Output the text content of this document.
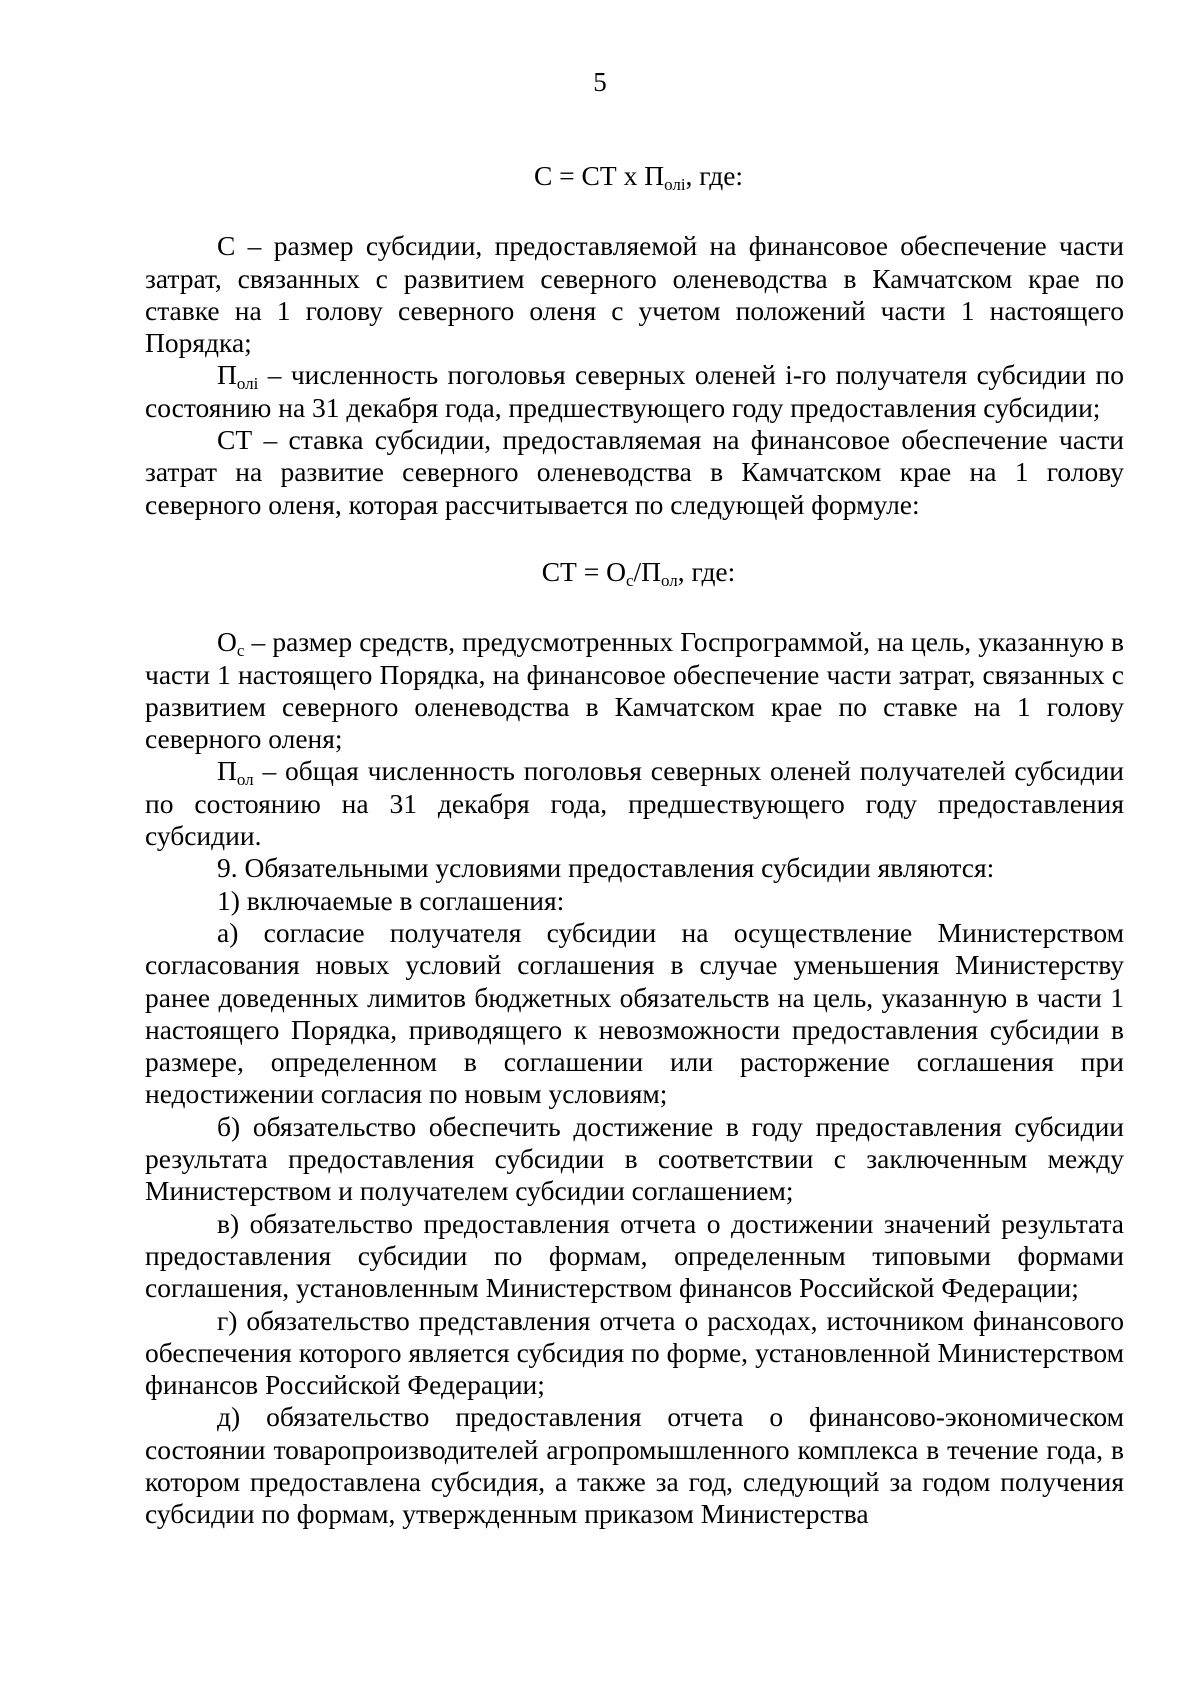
5

С = СТ х $П_{олi}$, где:

С – размер субсидии, предоставляемой на финансовое обеспечение части затрат, связанных с развитием северного оленеводства в Камчатском крае по ставке на 1 голову северного оленя с учетом положений части 1 настоящего Порядка;

$П_{олi}$ – численность поголовья северных оленей i-го получателя субсидии по состоянию на 31 декабря года, предшествующего году предоставления субсидии;

СТ – ставка субсидии, предоставляемая на финансовое обеспечение части затрат на развитие северного оленеводства в Камчатском крае на 1 голову северного оленя, которая рассчитывается по следующей формуле:

СТ = $О_с/П_{ол}$, где:

$О_с$ – размер средств, предусмотренных Госпрограммой, на цель, указанную в части 1 настоящего Порядка, на финансовое обеспечение части затрат, связанных с развитием северного оленеводства в Камчатском крае по ставке на 1 голову северного оленя;

$П_{ол}$ – общая численность поголовья северных оленей получателей субсидии по состоянию на 31 декабря года, предшествующего году предоставления субсидии.

9. Обязательными условиями предоставления субсидии являются:

1) включаемые в соглашения:

а) согласие получателя субсидии на осуществление Министерством согласования новых условий соглашения в случае уменьшения Министерству ранее доведенных лимитов бюджетных обязательств на цель, указанную в части 1 настоящего Порядка, приводящего к невозможности предоставления субсидии в размере, определенном в соглашении или расторжение соглашения при недостижении согласия по новым условиям;

б) обязательство обеспечить достижение в году предоставления субсидии результата предоставления субсидии в соответствии с заключенным между Министерством и получателем субсидии соглашением;

в) обязательство предоставления отчета о достижении значений результата предоставления субсидии по формам, определенным типовыми формами соглашения, установленным Министерством финансов Российской Федерации;

г) обязательство представления отчета о расходах, источником финансового обеспечения которого является субсидия по форме, установленной Министерством финансов Российской Федерации;

д) обязательство предоставления отчета о финансово-экономическом состоянии товаропроизводителей агропромышленного комплекса в течение года, в котором предоставлена субсидия, а также за год, следующий за годом получения субсидии по формам, утвержденным приказом Министерства
